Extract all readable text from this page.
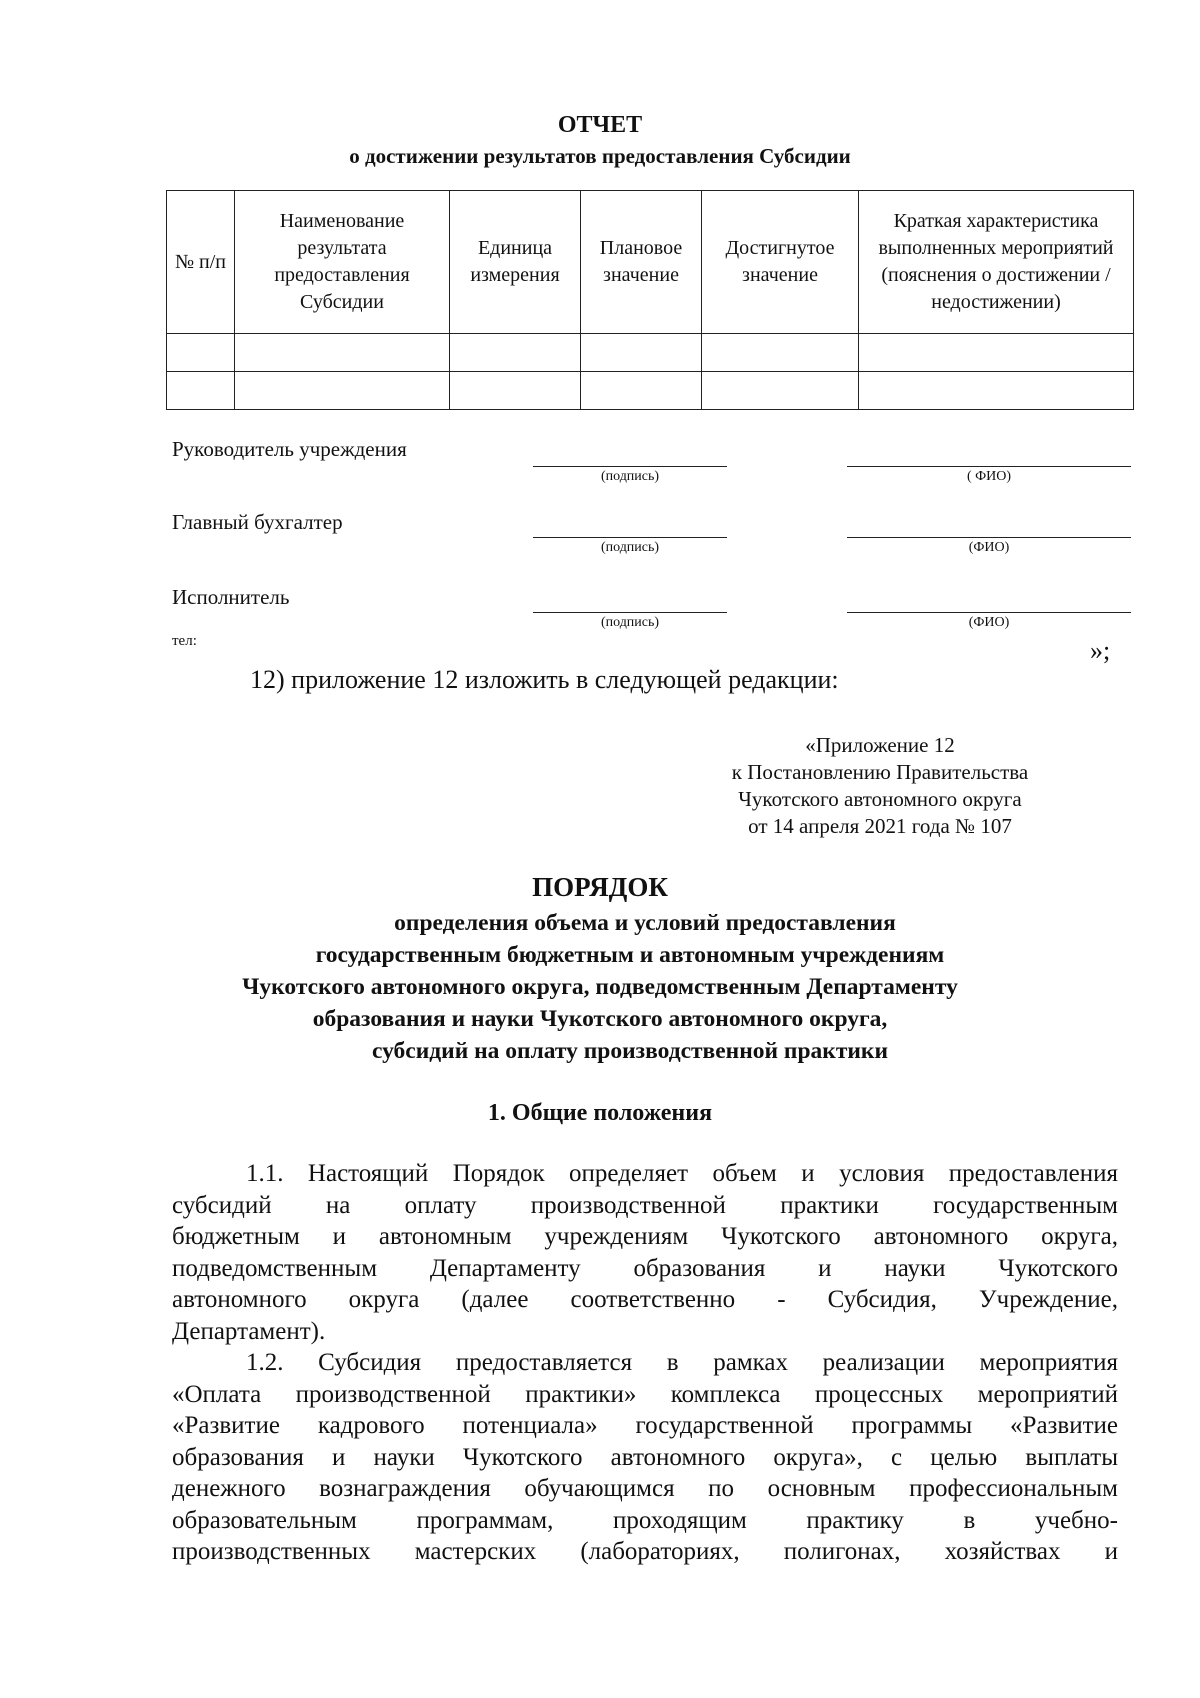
ОТЧЕТ
о достижении результатов предоставления Субсидии
№ п/п	Наименование результата предоставления Субсидии	Единица измерения	Плановое значение	Достигнутое значение	Краткая характеристика выполненных мероприятий (пояснения о достижении / недостижении)

Руководитель учреждения
(подпись)	( ФИО)
Главный бухгалтер
(подпись)	(ФИО)
Исполнитель
(подпись)	(ФИО)
тел:	»;
12) приложение 12 изложить в следующей редакции:
«Приложение 12
к Постановлению Правительства
Чукотского автономного округа
от 14 апреля 2021 года № 107
ПОРЯДОК
определения объема и условий предоставления
государственным бюджетным и автономным учреждениям
Чукотского автономного округа, подведомственным Департаменту
образования и науки Чукотского автономного округа,
субсидий на оплату производственной практики
1. Общие положения
1.1. Настоящий Порядок определяет объем и условия предоставления
субсидий на оплату производственной практики государственным
бюджетным и автономным учреждениям Чукотского автономного округа,
подведомственным Департаменту образования и науки Чукотского
автономного округа (далее соответственно - Субсидия, Учреждение,
Департамент).
1.2. Субсидия предоставляется в рамках реализации мероприятия
«Оплата производственной практики» комплекса процессных мероприятий
«Развитие кадрового потенциала» государственной программы «Развитие
образования и науки Чукотского автономного округа», с целью выплаты
денежного вознаграждения обучающимся по основным профессиональным
образовательным программам, проходящим практику в учебно-
производственных мастерских (лабораториях, полигонах, хозяйствах и
